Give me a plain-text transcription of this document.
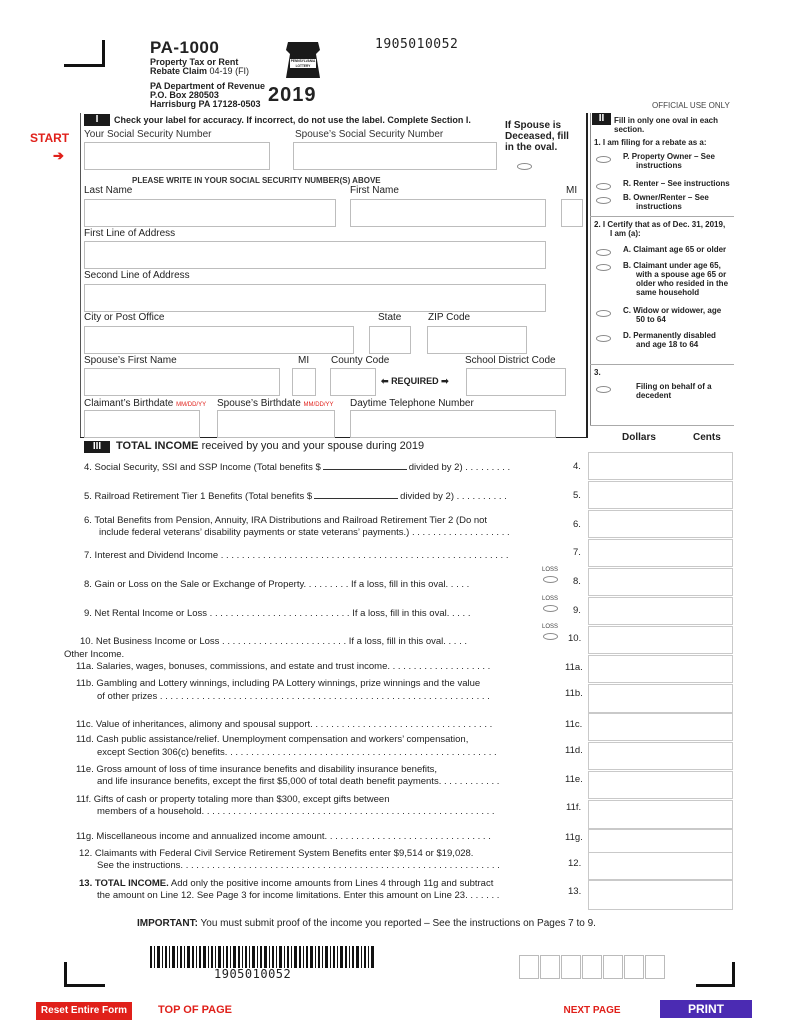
PA-1000
Property Tax or Rent
Rebate Claim 04-19 (FI)
PA Department of Revenue
P.O. Box 280503
Harrisburg PA 17128-0503
PENNSYLVANIA LOTTERY
2019
1905010052
OFFICIAL USE ONLY
START
➔
I	Check your label for accuracy. If incorrect, do not use the label. Complete Section I.
Your Social Security Number	Spouse’s Social Security Number
If Spouse is
Deceased, fill
in the oval.
PLEASE WRITE IN YOUR SOCIAL SECURITY NUMBER(S) ABOVE
Last Name	First Name	MI
First Line of Address
Second Line of Address
City or Post Office	State	ZIP Code
Spouse’s First Name	MI County Code	School District Code
⬅ REQUIRED ➡
Claimant’s Birthdate MM/DD/YY Spouse’s Birthdate MM/DD/YY Daytime Telephone Number
II	Fill in only one oval in each
section.
1. I am filing for a rebate as a:
P. Property Owner – See
instructions
R. Renter – See instructions
B. Owner/Renter – See
instructions
2. I Certify that as of Dec. 31, 2019,
I am (a):
A. Claimant age 65 or older
B. Claimant under age 65,
with a spouse age 65 or
older who resided in the
same household
C. Widow or widower, age
50 to 64
D. Permanently disabled
and age 18 to 64
3.
Filing on behalf of a
decedent
III	TOTAL INCOME received by you and your spouse during 2019
Dollars	Cents
4. Social Security, SSI and SSP Income (Total benefits $	divided by 2) . . . . . . . . .	4.
5. Railroad Retirement Tier 1 Benefits (Total benefits $	divided by 2) . . . . . . . . . .	5.
6. Total Benefits from Pension, Annuity, IRA Distributions and Railroad Retirement Tier 2 (Do not
include federal veterans’ disability payments or state veterans’ payments.) . . . . . . . . . . . . . . . . . . .
6.
7. Interest and Dividend Income . . . . . . . . . . . . . . . . . . . . . . . . . . . . . . . . . . . . . . . . . . . . . . . . . . . . . . .	7.
8. Gain or Loss on the Sale or Exchange of Property. . . . . . . . . If a loss, fill in this oval. . . . .
LOSS
8.
9. Net Rental Income or Loss . . . . . . . . . . . . . . . . . . . . . . . . . . . If a loss, fill in this oval. . . . .
LOSS
9.
10. Net Business Income or Loss . . . . . . . . . . . . . . . . . . . . . . . . If a loss, fill in this oval. . . . .
LOSS
10.
Other Income.
11a. Salaries, wages, bonuses, commissions, and estate and trust income. . . . . . . . . . . . . . . . . . . .	11a.
11b. Gambling and Lottery winnings, including PA Lottery winnings, prize winnings and the value
of other prizes . . . . . . . . . . . . . . . . . . . . . . . . . . . . . . . . . . . . . . . . . . . . . . . . . . . . . . . . . . . . . . .	11b.
11c. Value of inheritances, alimony and spousal support. . . . . . . . . . . . . . . . . . . . . . . . . . . . . . . . . . .	11c.
11d. Cash public assistance/relief. Unemployment compensation and workers’ compensation,
except Section 306(c) benefits. . . . . . . . . . . . . . . . . . . . . . . . . . . . . . . . . . . . . . . . . . . . . . . . . . . .	11d.
11e. Gross amount of loss of time insurance benefits and disability insurance benefits,
and life insurance benefits, except the first $5,000 of total death benefit payments. . . . . . . . . . . .	11e.
11f. Gifts of cash or property totaling more than $300, except gifts between
members of a household. . . . . . . . . . . . . . . . . . . . . . . . . . . . . . . . . . . . . . . . . . . . . . . . . . . . . . . .	11f.
11g. Miscellaneous income and annualized income amount. . . . . . . . . . . . . . . . . . . . . . . . . . . . . . . .	11g.
12. Claimants with Federal Civil Service Retirement System Benefits enter $9,514 or $19,028.
See the instructions. . . . . . . . . . . . . . . . . . . . . . . . . . . . . . . . . . . . . . . . . . . . . . . . . . . . . . . . . . . . .	12.
13. TOTAL INCOME. Add only the positive income amounts from Lines 4 through 11g and subtract
the amount on Line 12. See Page 3 for income limitations. Enter this amount on Line 23. . . . . . .	13.
IMPORTANT: You must submit proof of the income you reported – See the instructions on Pages 7 to 9.
1905010052
Reset Entire Form	TOP OF PAGE	NEXT PAGE	PRINT
